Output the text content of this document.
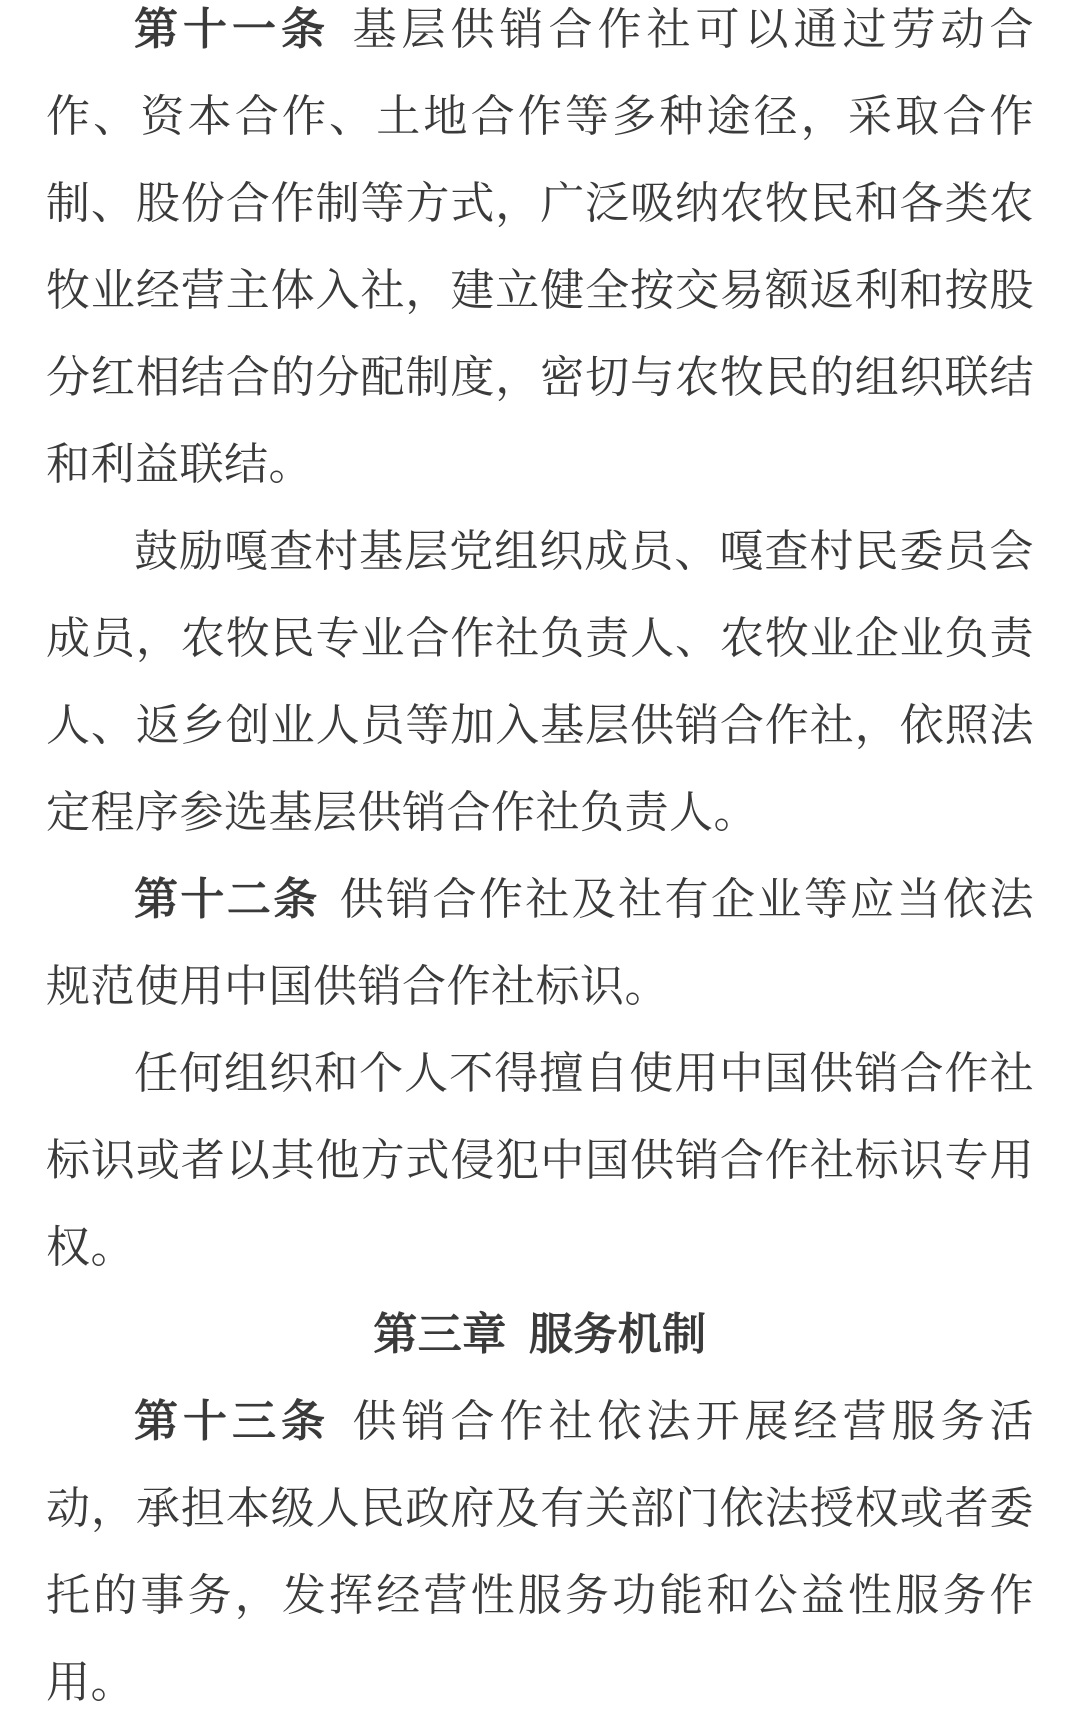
第十一条 基层供销合作社可以通过劳动合作、资本合作、土地合作等多种途径，采取合作制、股份合作制等方式，广泛吸纳农牧民和各类农牧业经营主体入社，建立健全按交易额返利和按股分红相结合的分配制度，密切与农牧民的组织联结和利益联结。

鼓励嘎查村基层党组织成员、嘎查村民委员会成员，农牧民专业合作社负责人、农牧业企业负责人、返乡创业人员等加入基层供销合作社，依照法定程序参选基层供销合作社负责人。

第十二条 供销合作社及社有企业等应当依法规范使用中国供销合作社标识。

任何组织和个人不得擅自使用中国供销合作社标识或者以其他方式侵犯中国供销合作社标识专用权。

第三章 服务机制

第十三条 供销合作社依法开展经营服务活动，承担本级人民政府及有关部门依法授权或者委托的事务，发挥经营性服务功能和公益性服务作用。
